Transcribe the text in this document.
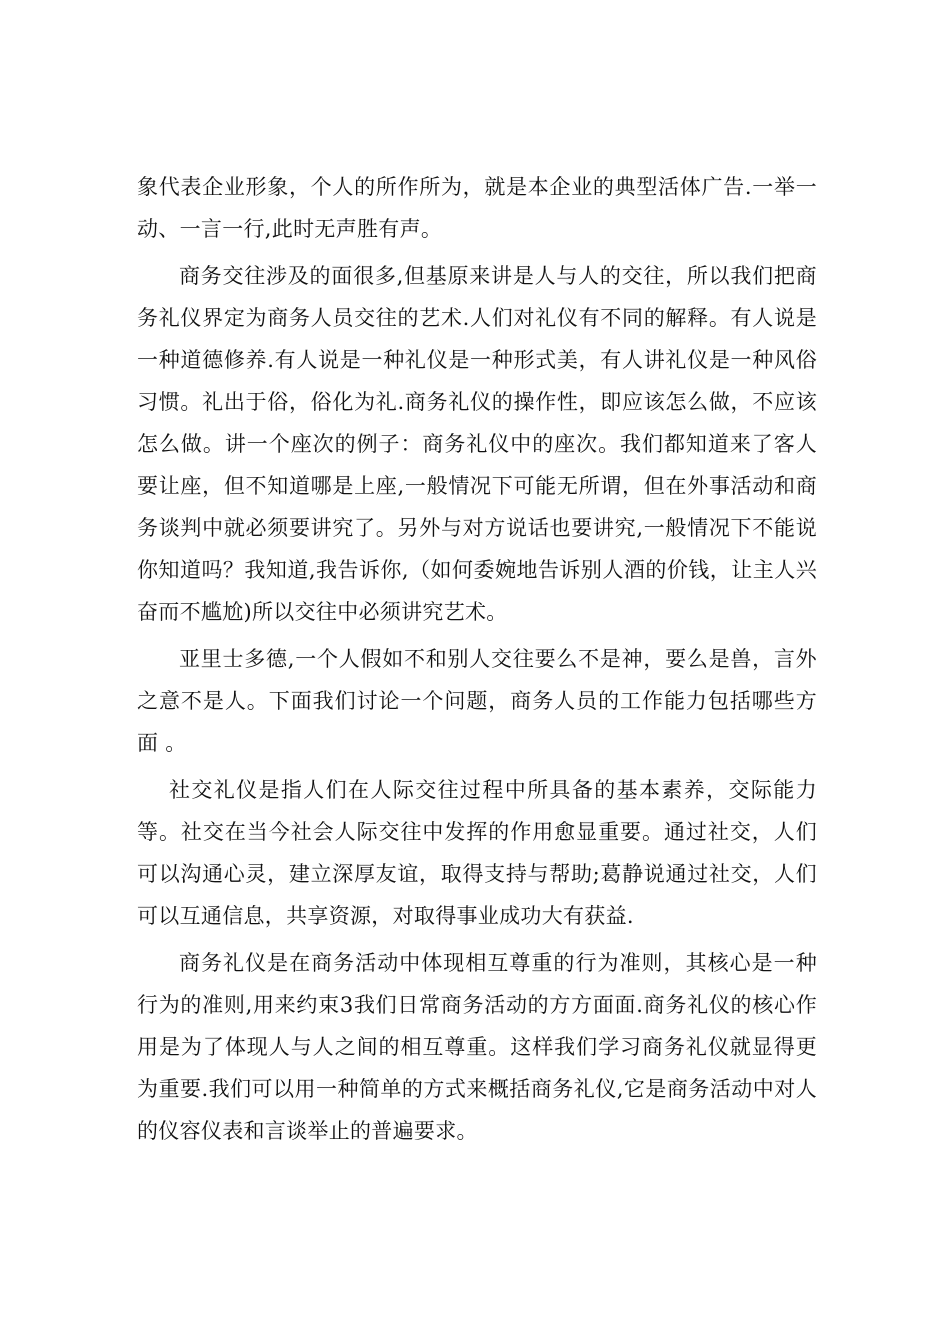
象代表企业形象，个人的所作所为，就是本企业的典型活体广告.一举一动、一言一行,此时无声胜有声。

商务交往涉及的面很多,但基原来讲是人与人的交往，所以我们把商务礼仪界定为商务人员交往的艺术.人们对礼仪有不同的解释。有人说是一种道德修养.有人说是一种礼仪是一种形式美，有人讲礼仪是一种风俗习惯。礼出于俗，俗化为礼.商务礼仪的操作性，即应该怎么做，不应该怎么做。讲一个座次的例子：商务礼仪中的座次。我们都知道来了客人要让座，但不知道哪是上座,一般情况下可能无所谓，但在外事活动和商务谈判中就必须要讲究了。另外与对方说话也要讲究,一般情况下不能说你知道吗？我知道,我告诉你,（如何委婉地告诉别人酒的价钱，让主人兴奋而不尴尬)所以交往中必须讲究艺术。

亚里士多德,一个人假如不和别人交往要么不是神，要么是兽，言外之意不是人。下面我们讨论一个问题，商务人员的工作能力包括哪些方面 。

社交礼仪是指人们在人际交往过程中所具备的基本素养，交际能力等。社交在当今社会人际交往中发挥的作用愈显重要。通过社交，人们可以沟通心灵，建立深厚友谊，取得支持与帮助;葛静说通过社交，人们可以互通信息，共享资源，对取得事业成功大有获益.

商务礼仪是在商务活动中体现相互尊重的行为准则，其核心是一种行为的准则,用来约束3我们日常商务活动的方方面面.商务礼仪的核心作用是为了体现人与人之间的相互尊重。这样我们学习商务礼仪就显得更为重要.我们可以用一种简单的方式来概括商务礼仪,它是商务活动中对人的仪容仪表和言谈举止的普遍要求。
